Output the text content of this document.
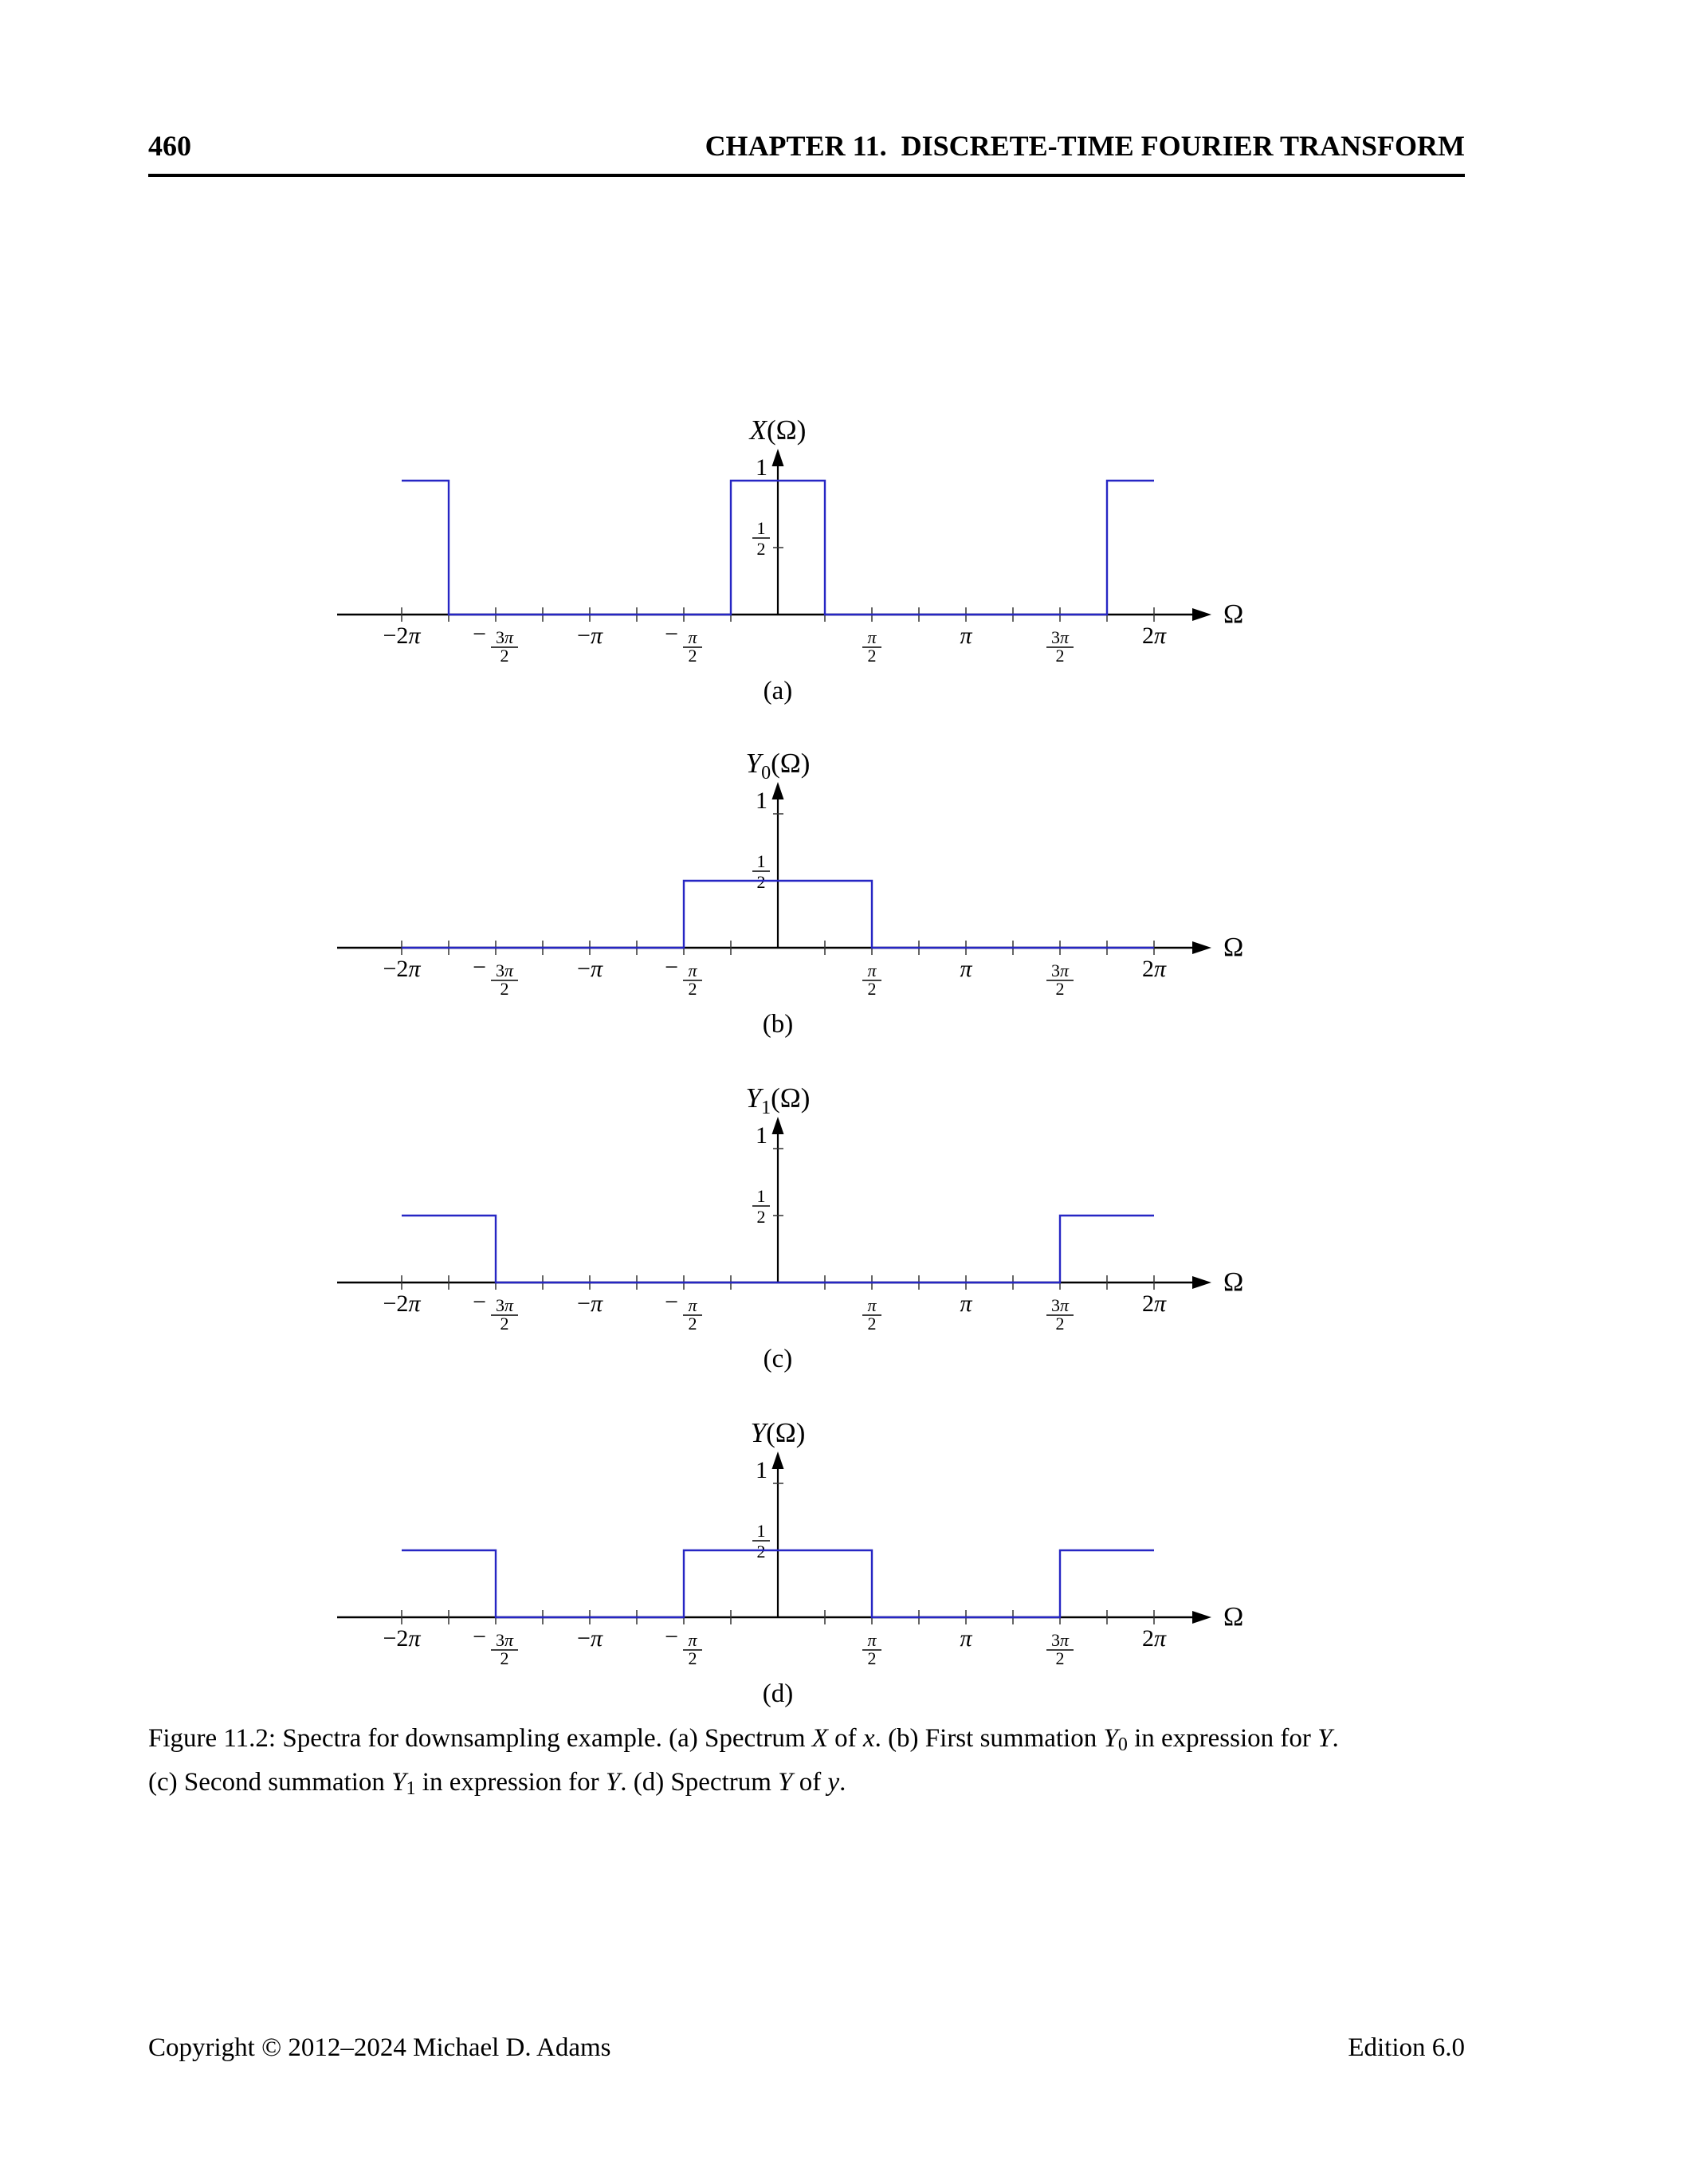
460	CHAPTER 11.  DISCRETE-TIME FOURIER TRANSFORM
Ω
−2π	3π
2
−	−π	π
2
−	π
2
π	3π
2
2π
1
1
2
X(Ω)
(a)
Ω
−2π	3π
2
−	−π	π
2
−	π
2
π	3π
2
2π
1
1
2
$Y_0(\Omega)$
(b)
Ω
−2π	3π
2
−	−π	π
2
−	π
2
π	3π
2
2π
1
1
2
$Y_1(\Omega)$
(c)
Ω
−2π	3π
2
−	−π	π
2
−	π
2
π	3π
2
2π
1
1
2
Y(Ω)
(d)
Figure 11.2: Spectra for downsampling example. (a) Spectrum X of x. (b) First summation Y0 in expression for Y.
(c) Second summation Y1 in expression for Y. (d) Spectrum Y of y.
Copyright © 2012–2024 Michael D. Adams	Edition 6.0
